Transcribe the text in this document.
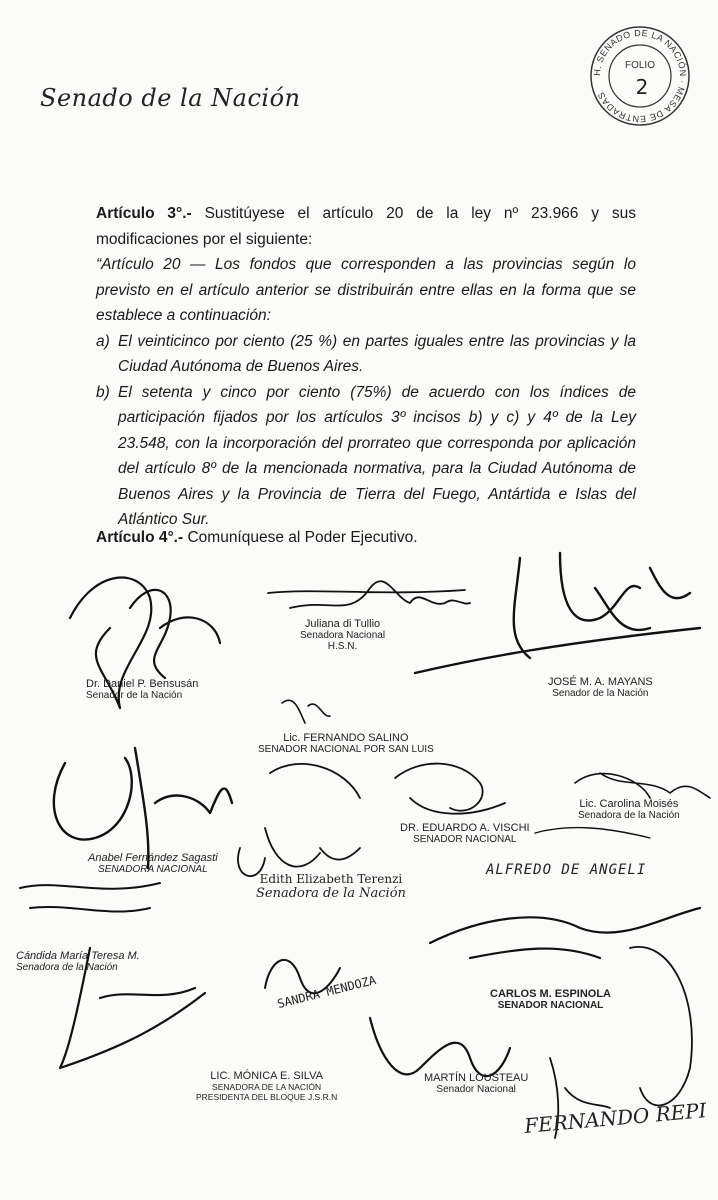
Senado de la Nación
H. SENADO DE LA NACIÓN · MESA DE ENTRADAS
FOLIO
2

Artículo 3°.- Sustitúyese el artículo 20 de la ley nº 23.966 y sus modificaciones por el siguiente:

“Artículo 20 — Los fondos que corresponden a las provincias según lo previsto en el artículo anterior se distribuirán entre ellas en la forma que se establece a continuación:

a) El veinticinco por ciento (25 %) en partes iguales entre las provincias y la Ciudad Autónoma de Buenos Aires.
b) El setenta y cinco por ciento (75%) de acuerdo con los índices de participación fijados por los artículos 3º incisos b) y c) y 4º de la Ley 23.548, con la incorporación del prorrateo que corresponda por aplicación del artículo 8º de la mencionada normativa, para la Ciudad Autónoma de Buenos Aires y la Provincia de Tierra del Fuego, Antártida e Islas del Atlántico Sur.
Artículo 4°.- Comuníquese al Poder Ejecutivo.
Juliana di Tullio
Senadora Nacional
H.S.N.
Dr. Daniel P. Bensusán
Senador de la Nación
JOSÉ M. A. MAYANS
Senador de la Nación
Lic. FERNANDO SALINO
SENADOR NACIONAL POR SAN LUIS
Lic. Carolina Moisés
Senadora de la Nación
DR. EDUARDO A. VISCHI
SENADOR NACIONAL
ALFREDO DE ANGELI
Anabel Fernández Sagasti
SENADORA NACIONAL
Edith Elizabeth Terenzi
Senadora de la Nación
Cándida María Teresa M.
Senadora de la Nación
SANDRA MENDOZA	CARLOS M. ESPINOLA
SENADOR NACIONAL
LIC. MÓNICA E. SILVA
SENADORA DE LA NACIÓN
PRESIDENTA DEL BLOQUE J.S.R.N
MARTÍN LOUSTEAU
Senador Nacional
FERNANDO REPI
